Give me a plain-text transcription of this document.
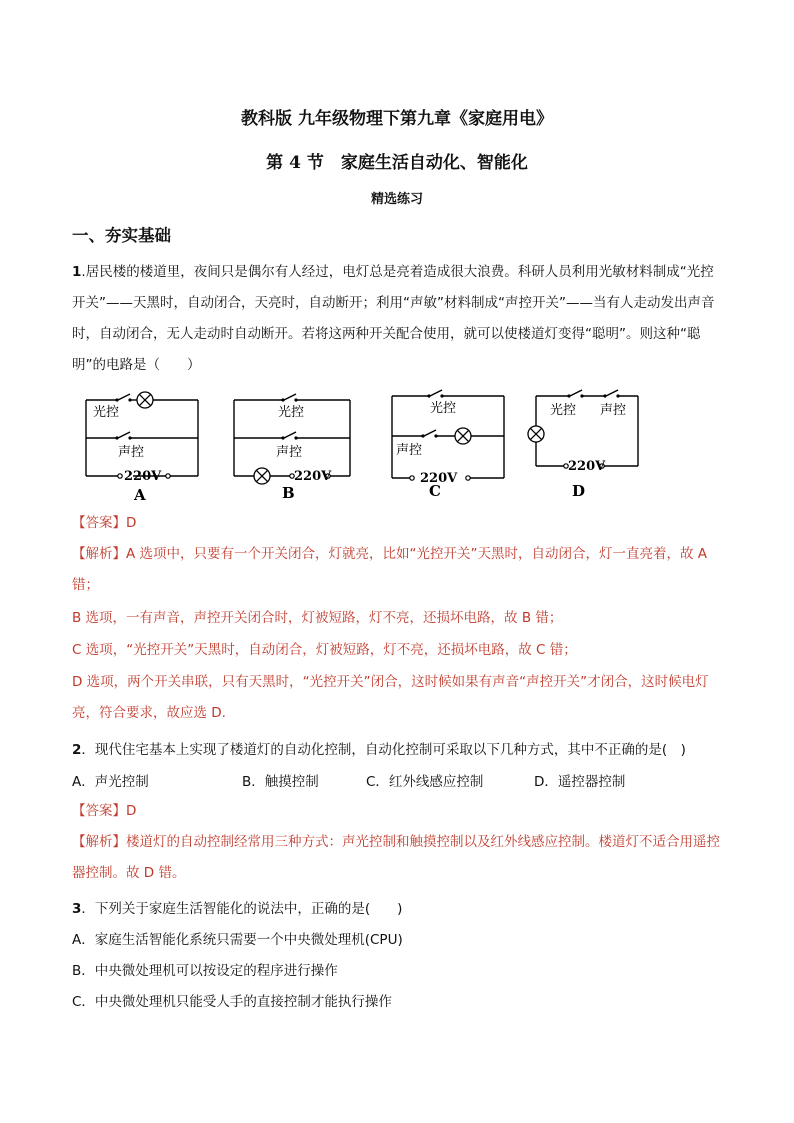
教科版 九年级物理下第九章《家庭用电》
第 4 节　家庭生活自动化、智能化
精选练习
一、夯实基础
1.居民楼的楼道里，夜间只是偶尔有人经过，电灯总是亮着造成很大浪费。科研人员利用光敏材料制成“光控开关”——天黑时，自动闭合，天亮时，自动断开；利用“声敏”材料制成“声控开关”——当有人走动发出声音时，自动闭合，无人走动时自动断开。若将这两种开关配合使用，就可以使楼道灯变得“聪明”。则这种“聪明”的电路是（　　）
光控
声控
220V
光控
声控
220V
光控
声控
220V
光控 声控
220V
A	B	C	D
【答案】D
【解析】A 选项中，只要有一个开关闭合，灯就亮，比如“光控开关”天黑时，自动闭合，灯一直亮着，故 A 错；
B 选项，一有声音，声控开关闭合时，灯被短路，灯不亮，还损坏电路，故 B 错；
C 选项，“光控开关”天黑时，自动闭合，灯被短路，灯不亮，还损坏电路，故 C 错；
D 选项，两个开关串联，只有天黑时，“光控开关”闭合，这时候如果有声音“声控开关”才闭合，这时候电灯亮，符合要求，故应选 D.
2．现代住宅基本上实现了楼道灯的自动化控制，自动化控制可采取以下几种方式，其中不正确的是(　)
A．声光控制	B．触摸控制	C．红外线感应控制	D．遥控器控制
【答案】D
【解析】楼道灯的自动控制经常用三种方式：声光控制和触摸控制以及红外线感应控制。楼道灯不适合用遥控器控制。故 D 错。
3．下列关于家庭生活智能化的说法中，正确的是(　　)
A．家庭生活智能化系统只需要一个中央微处理机(CPU)
B．中央微处理机可以按设定的程序进行操作
C．中央微处理机只能受人手的直接控制才能执行操作
